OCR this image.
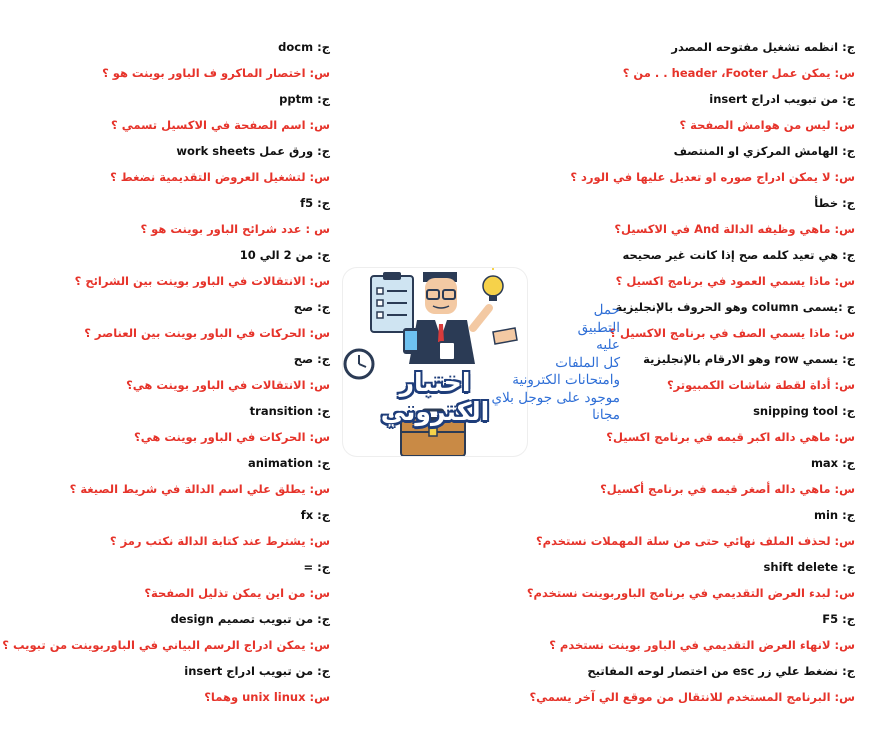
ج: انظمه تشغيل مفتوحه المصدر
س: يمكن عمل header ،Footer . . من ؟
ج: من تبويب ادراج insert
س: ليس من هوامش الصفحة ؟
ج: الهامش المركزي او المنتصف
س: لا يمكن ادراج صوره او تعديل عليها في الورد ؟
ج: خطأ
س: ماهي وظيفه الدالة And في الاكسيل؟
ج: هي تعيد كلمه صح إذا كانت غير صحيحه
س: ماذا يسمي العمود في برنامج اكسيل ؟
ج :يسمى column وهو الحروف بالإنجليزية
س: ماذا يسمي الصف في برنامج الاكسيل ؟
ج: يسمي row وهو الارقام بالإنجليزية
س: أداة لقطة شاشات الكمبيوتر؟
ج: snipping tool
س: ماهي داله اكبر قيمه في برنامج اكسيل؟
ج: max
س: ماهي داله أصغر قيمه في برنامج أكسيل؟
ج: min
س: لحذف الملف نهائي حتى من سلة المهملات نستخدم؟
ج: shift delete
س: لبدء العرض التقديمي في برنامج الباوربوينت نستخدم؟
ج: F5
س: لانهاء العرض التقديمي في الباور بوينت نستخدم ؟
ج: نضغط علي زر esc من اختصار لوحه المفاتيح
س: البرنامج المستخدم للانتقال من موقع الي آخر يسمي؟
ج: docm
س: اختصار الماكرو ف الباور بوينت هو ؟
ج: pptm
س: اسم الصفحة في الاكسيل تسمي ؟
ج: ورق عمل work sheets
س: لتشغيل العروض التقديمية نضغط ؟
ج: f5
س : عدد شرائح الباور بوينت هو ؟
ج: من 2 الي 10
س: الانتقالات في الباور بوينت بين الشرائح ؟
ج: صح
س: الحركات في الباور بوينت بين العناصر ؟
ج: صح
س: الانتقالات في الباور بوينت هي؟
ج: transition
س: الحركات في الباور بوينت هي؟
ج: animation
س: يطلق علي اسم الدالة في شريط الصيغة ؟
ج: fx
س: يشترط عند كتابة الدالة نكتب رمز ؟
ج: =
س: من اين يمكن تذليل الصفحة؟
ج: من تبويب تصميم design
س: يمكن ادراج الرسم البياني في الباوربوينت من تبويب ؟
ج: من تبويب ادراج insert
س: unix linux وهما؟
اختبار الكتروني
حمل
التطبيق
عليه
كل الملفات
وامتحانات الكترونية
موجود على جوجل بلاي
مجانا
